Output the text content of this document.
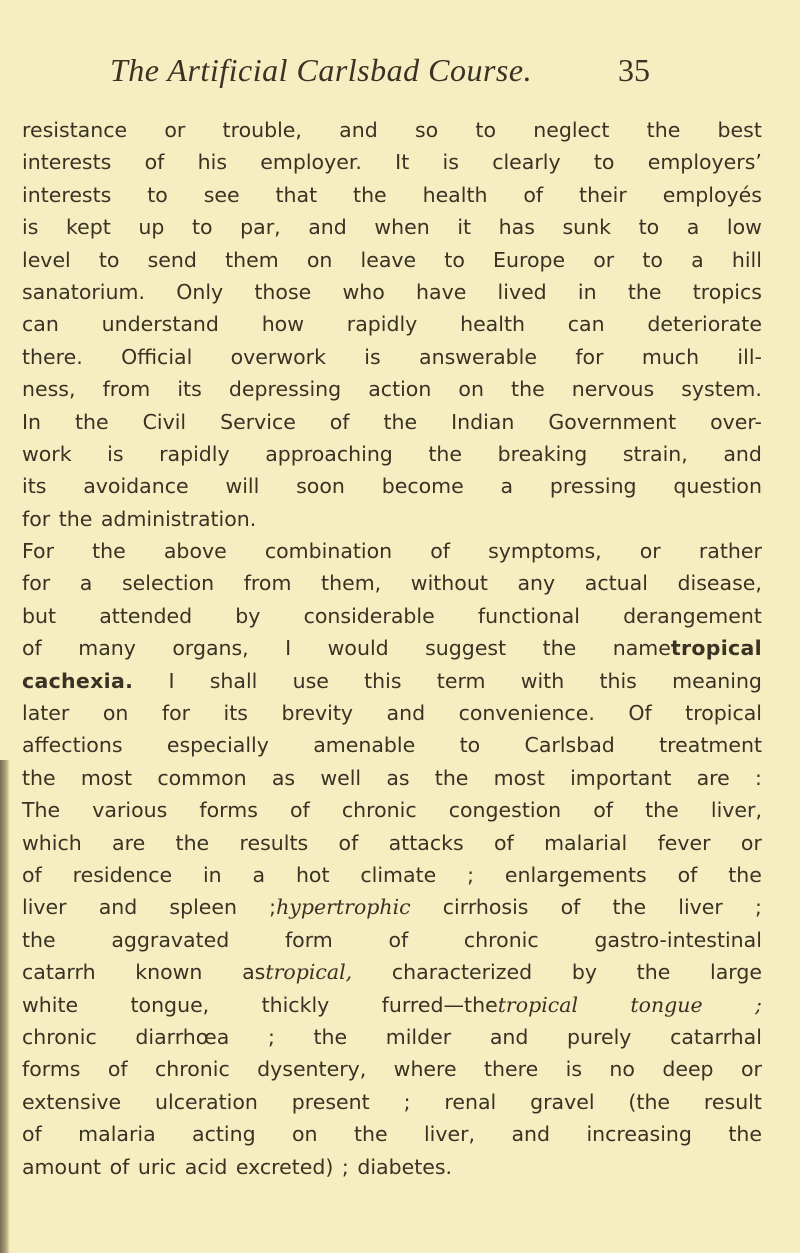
The Artificial Carlsbad Course.	35
resistance or trouble, and so to neglect the best
interests of his employer. It is clearly to employers’
interests to see that the health of their employés
is kept up to par, and when it has sunk to a low
level to send them on leave to Europe or to a hill
sanatorium. Only those who have lived in the tropics
can understand how rapidly health can deteriorate
there. Official overwork is answerable for much ill-
ness, from its depressing action on the nervous system.
In the Civil Service of the Indian Government over-
work is rapidly approaching the breaking strain, and
its avoidance will soon become a pressing question
for the administration.
For the above combination of symptoms, or rather
for a selection from them, without any actual disease,
but attended by considerable functional derangement
of many organs, I would suggest the nametropical
cachexia. I shall use this term with this meaning
later on for its brevity and convenience. Of tropical
affections especially amenable to Carlsbad treatment
the most common as well as the most important are :
The various forms of chronic congestion of the liver,
which are the results of attacks of malarial fever or
of residence in a hot climate ; enlargements of the
liver and spleen ;hypertrophic cirrhosis of the liver ;
the	aggravated	form	of	chronic	gastro-intestinal
catarrh known astropical, characterized by the large
white	tongue,	thickly	furred—thetropical	tongue	;
chronic diarrhœa ; the milder and purely catarrhal
forms of chronic dysentery, where there is no deep or
extensive ulceration present ; renal gravel (the result
of malaria acting on the liver, and increasing the
amount of uric acid excreted) ; diabetes.
